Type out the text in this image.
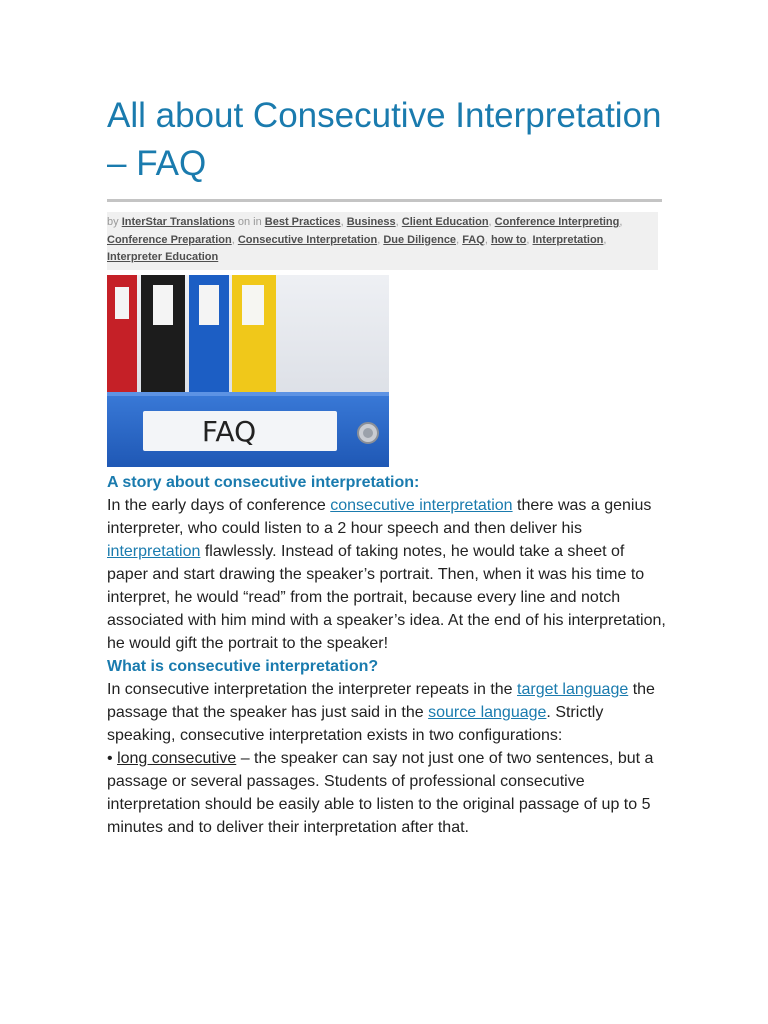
All about Consecutive Interpretation – FAQ
by InterStar Translations on in Best Practices, Business, Client Education, Conference Interpreting, Conference Preparation, Consecutive Interpretation, Due Diligence, FAQ, how to, Interpretation, Interpreter Education
FAQ
A story about consecutive interpretation:

In the early days of conference consecutive interpretation there was a genius interpreter, who could listen to a 2 hour speech and then deliver his interpretation flawlessly. Instead of taking notes, he would take a sheet of paper and start drawing the speaker’s portrait. Then, when it was his time to interpret, he would “read” from the portrait, because every line and notch associated with him mind with a speaker’s idea. At the end of his interpretation, he would gift the portrait to the speaker!

What is consecutive interpretation?

In consecutive interpretation the interpreter repeats in the target language the passage that the speaker has just said in the source language. Strictly speaking, consecutive interpretation exists in two configurations:

• long consecutive – the speaker can say not just one of two sentences, but a passage or several passages. Students of professional consecutive interpretation should be easily able to listen to the original passage of up to 5 minutes and to deliver their interpretation after that.
